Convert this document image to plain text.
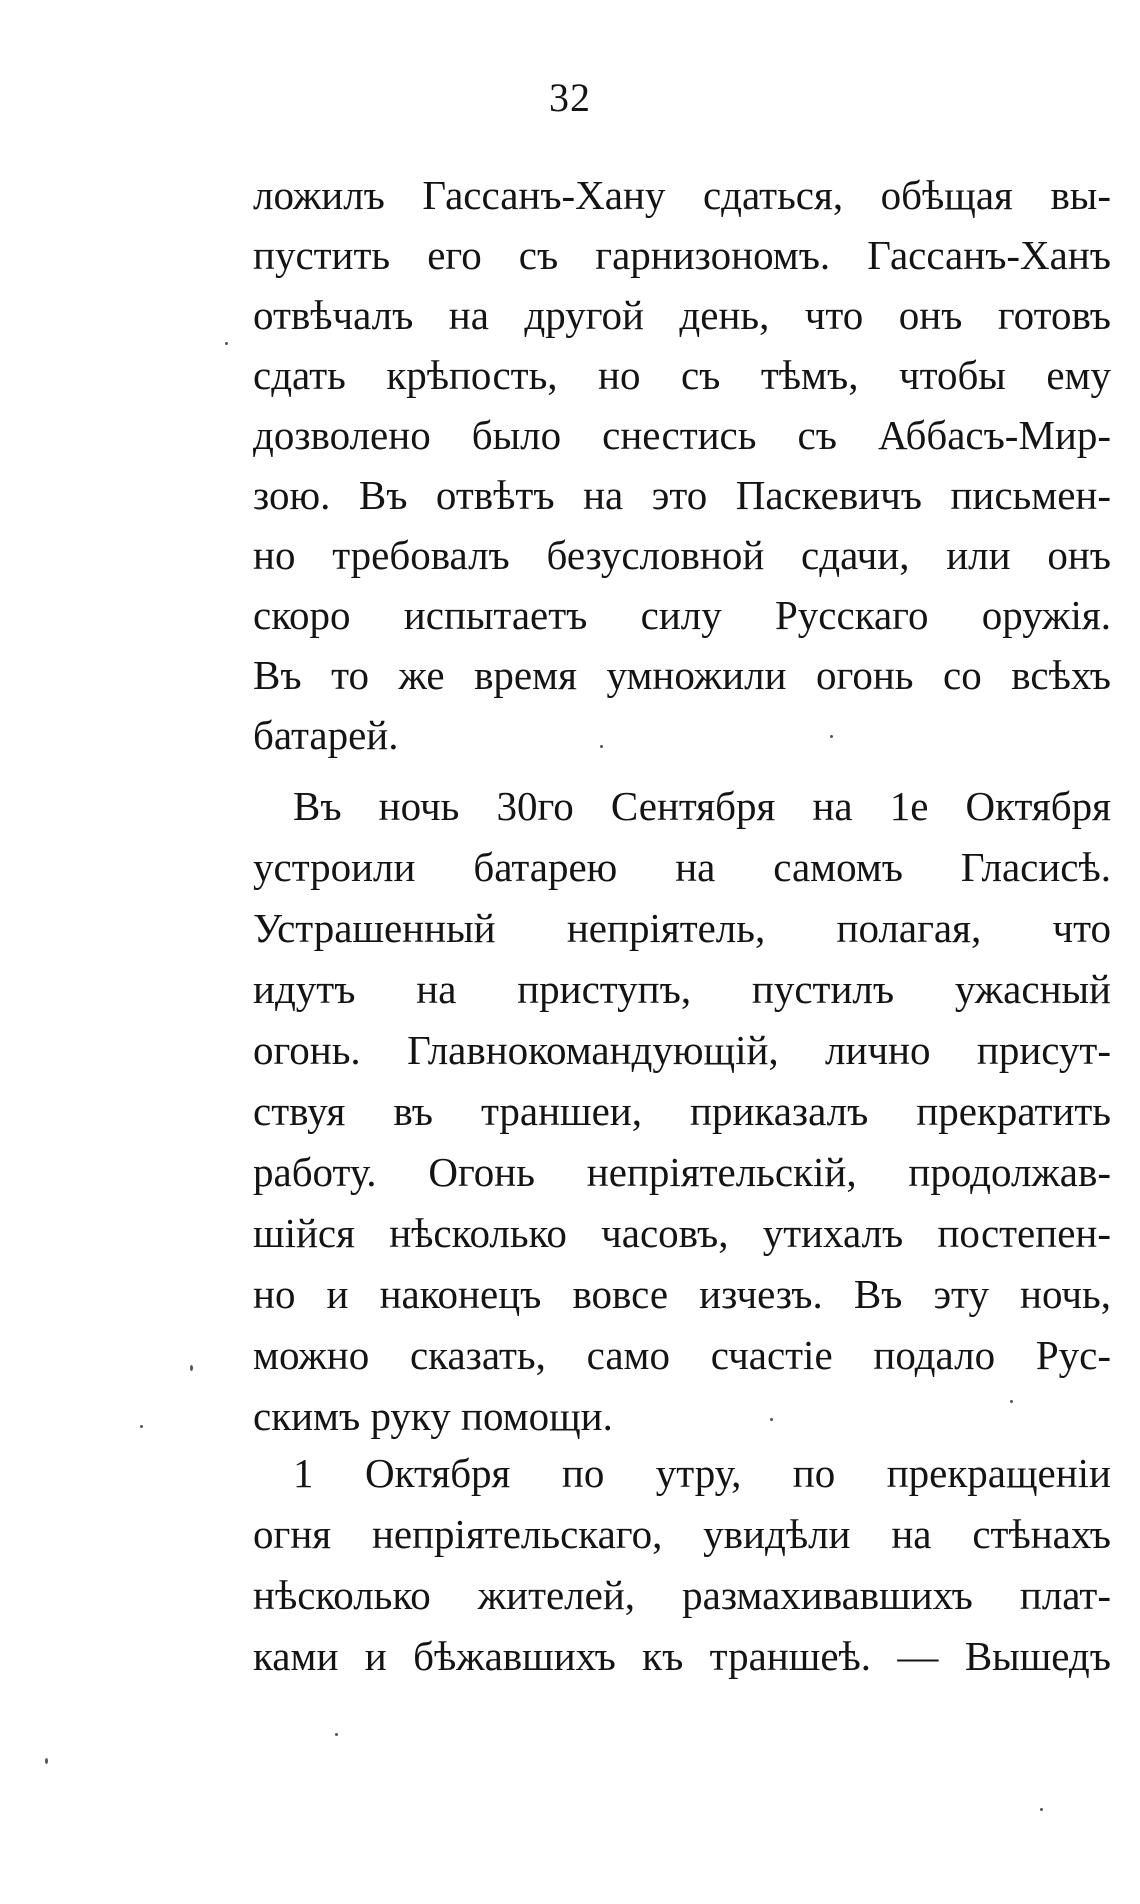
32
ложилъ Гассанъ-Хану сдаться, обѣщая вы-
пустить его съ гарнизономъ. Гассанъ-Ханъ
отвѣчалъ на другой день, что онъ готовъ
сдать крѣпость, но съ тѣмъ, чтобы ему
дозволено было снестись съ Аббасъ-Мир-
зою. Въ отвѣтъ на это Паскевичъ письмен-
но требовалъ безусловной сдачи, или онъ
скоро испытаетъ силу Русскаго оружія.
Въ то же время умножили огонь со всѣхъ
батарей.
Въ ночь 30го Сентября на 1е Октября
устроили батарею на самомъ Гласисѣ.
Устрашенный непріятель, полагая, что
идутъ на приступъ, пустилъ ужасный
огонь. Главнокомандующій, лично присут-
ствуя въ траншеи, приказалъ прекратить
работу. Огонь непріятельскій, продолжав-
шійся нѣсколько часовъ, утихалъ постепен-
но и наконецъ вовсе изчезъ. Въ эту ночь,
можно сказать, само счастіе подало Рус-
скимъ руку помощи.
1 Октября по утру, по прекращеніи
огня непріятельскаго, увидѣли на стѣнахъ
нѣсколько жителей, размахивавшихъ плат-
ками и бѣжавшихъ къ траншеѣ. — Вышедъ
